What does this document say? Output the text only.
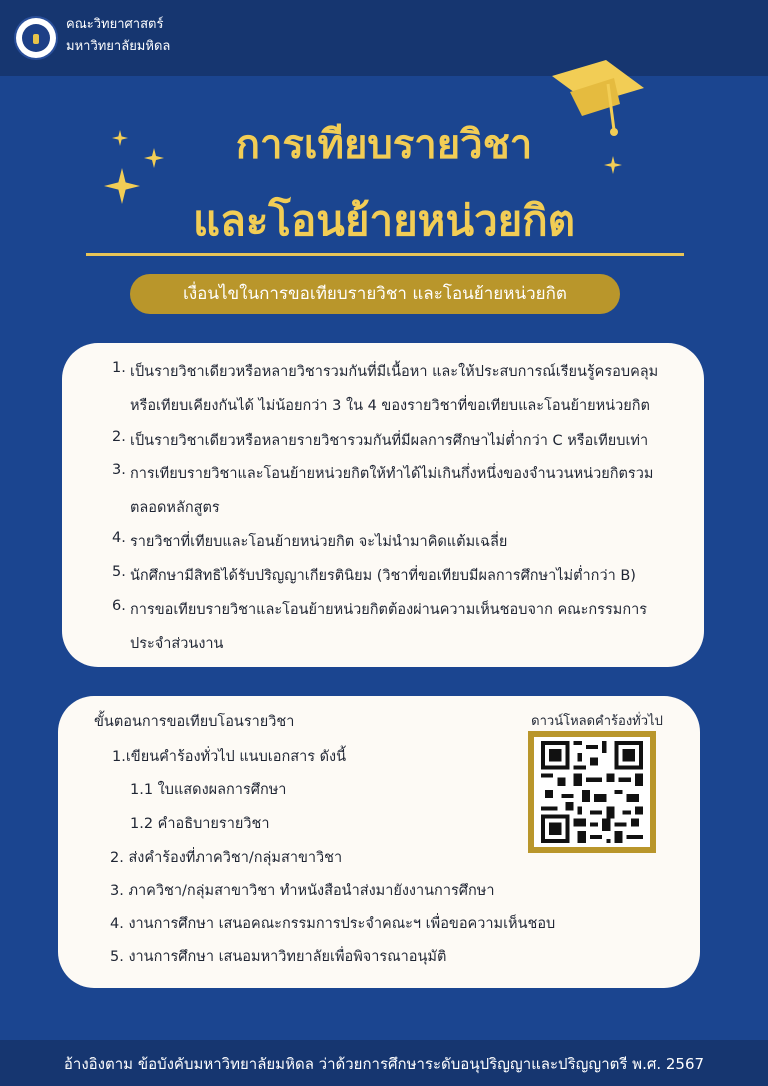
คณะวิทยาศาสตร์
มหาวิทยาลัยมหิดล
การเทียบรายวิชา
และโอนย้ายหน่วยกิต
เงื่อนไขในการขอเทียบรายวิชา และโอนย้ายหน่วยกิต
1. เป็นรายวิชาเดียวหรือหลายวิชารวมกันที่มีเนื้อหา และให้ประสบการณ์เรียนรู้ครอบคลุม
หรือเทียบเคียงกันได้ ไม่น้อยกว่า 3 ใน 4 ของรายวิชาที่ขอเทียบและโอนย้ายหน่วยกิต
2. เป็นรายวิชาเดียวหรือหลายรายวิชารวมกันที่มีผลการศึกษาไม่ต่ำกว่า C หรือเทียบเท่า
3. การเทียบรายวิชาและโอนย้ายหน่วยกิตให้ทำได้ไม่เกินกึ่งหนึ่งของจำนวนหน่วยกิตรวม
ตลอดหลักสูตร
4. รายวิชาที่เทียบและโอนย้ายหน่วยกิต จะไม่นำมาคิดแต้มเฉลี่ย
5. นักศึกษามีสิทธิได้รับปริญญาเกียรตินิยม (วิชาที่ขอเทียบมีผลการศึกษาไม่ต่ำกว่า B)
6. การขอเทียบรายวิชาและโอนย้ายหน่วยกิตต้องผ่านความเห็นชอบจาก คณะกรรมการ
ประจำส่วนงาน
ขั้นตอนการขอเทียบโอนรายวิชา
1.เขียนคำร้องทั่วไป แนบเอกสาร ดังนี้
1.1 ใบแสดงผลการศึกษา
1.2 คำอธิบายรายวิชา
2. ส่งคำร้องที่ภาควิชา/กลุ่มสาขาวิชา
3. ภาควิชา/กลุ่มสาขาวิชา ทำหนังสือนำส่งมายังงานการศึกษา
4. งานการศึกษา เสนอคณะกรรมการประจำคณะฯ เพื่อขอความเห็นชอบ
5. งานการศึกษา เสนอมหาวิทยาลัยเพื่อพิจารณาอนุมัติ
ดาวน์โหลดคำร้องทั่วไป
อ้างอิงตาม ข้อบังคับมหาวิทยาลัยมหิดล ว่าด้วยการศึกษาระดับอนุปริญญาและปริญญาตรี พ.ศ. 2567
